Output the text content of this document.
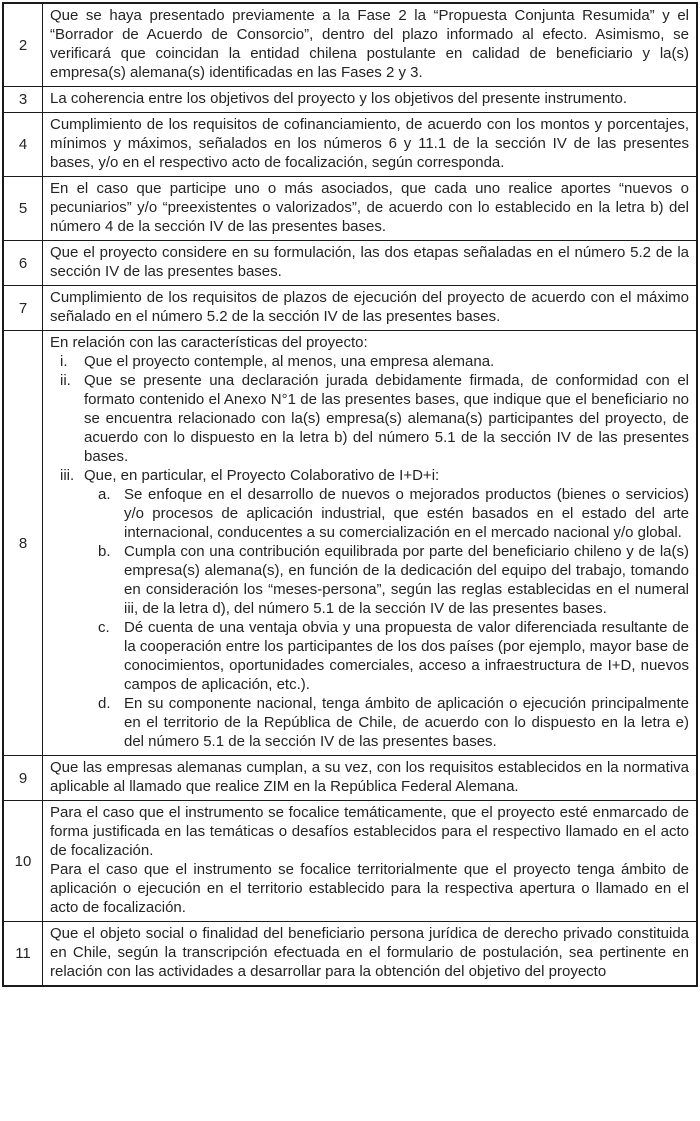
2	Que se haya presentado previamente a la Fase 2 la “Propuesta Conjunta Resumida” y el “Borrador de Acuerdo de Consorcio”, dentro del plazo informado al efecto. Asimismo, se verificará que coincidan la entidad chilena postulante en calidad de beneficiario y la(s) empresa(s) alemana(s) identificadas en las Fases 2 y 3.

3	La coherencia entre los objetivos del proyecto y los objetivos del presente instrumento.

4	Cumplimiento de los requisitos de cofinanciamiento, de acuerdo con los montos y porcentajes, mínimos y máximos, señalados en los números 6 y 11.1 de la sección IV de las presentes bases, y/o en el respectivo acto de focalización, según corresponda.

5	En el caso que participe uno o más asociados, que cada uno realice aportes “nuevos o pecuniarios” y/o “preexistentes o valorizados”, de acuerdo con lo establecido en la letra b) del número 4 de la sección IV de las presentes bases.

6	Que el proyecto considere en su formulación, las dos etapas señaladas en el número 5.2 de la sección IV de las presentes bases.

7	Cumplimiento de los requisitos de plazos de ejecución del proyecto de acuerdo con el máximo señalado en el número 5.2 de la sección IV de las presentes bases.

8	
En relación con las características del proyecto:
i.	Que el proyecto contemple, al menos, una empresa alemana.
ii. Que se presente una declaración jurada debidamente firmada, de conformidad con el formato contenido el Anexo N°1 de las presentes bases, que indique que el beneficiario no se encuentra relacionado con la(s) empresa(s) alemana(s) participantes del proyecto, de acuerdo con lo dispuesto en la letra b) del número 5.1 de la sección IV de las presentes bases.
iii. Que, en particular, el Proyecto Colaborativo de I+D+i:
a. Se enfoque en el desarrollo de nuevos o mejorados productos (bienes o servicios) y/o procesos de aplicación industrial, que estén basados en el estado del arte internacional, conducentes a su comercialización en el mercado nacional y/o global.
b. Cumpla con una contribución equilibrada por parte del beneficiario chileno y de la(s) empresa(s) alemana(s), en función de la dedicación del equipo del trabajo, tomando en consideración los “meses-persona”, según las reglas establecidas en el numeral iii, de la letra d), del número 5.1 de la sección IV de las presentes bases.
c. Dé cuenta de una ventaja obvia y una propuesta de valor diferenciada resultante de la cooperación entre los participantes de los dos países (por ejemplo, mayor base de conocimientos, oportunidades comerciales, acceso a infraestructura de I+D, nuevos campos de aplicación, etc.).
d. En su componente nacional, tenga ámbito de aplicación o ejecución principalmente en el territorio de la República de Chile, de acuerdo con lo dispuesto en la letra e) del número 5.1 de la sección IV de las presentes bases.

9	Que las empresas alemanas cumplan, a su vez, con los requisitos establecidos en la normativa aplicable al llamado que realice ZIM en la República Federal Alemana.

10	Para el caso que el instrumento se focalice temáticamente, que el proyecto esté enmarcado de forma justificada en las temáticas o desafíos establecidos para el respectivo llamado en el acto de focalización.
Para el caso que el instrumento se focalice territorialmente que el proyecto tenga ámbito de aplicación o ejecución en el territorio establecido para la respectiva apertura o llamado en el acto de focalización.

11	Que el objeto social o finalidad del beneficiario persona jurídica de derecho privado constituida en Chile, según la transcripción efectuada en el formulario de postulación, sea pertinente en relación con las actividades a desarrollar para la obtención del objetivo del proyecto
